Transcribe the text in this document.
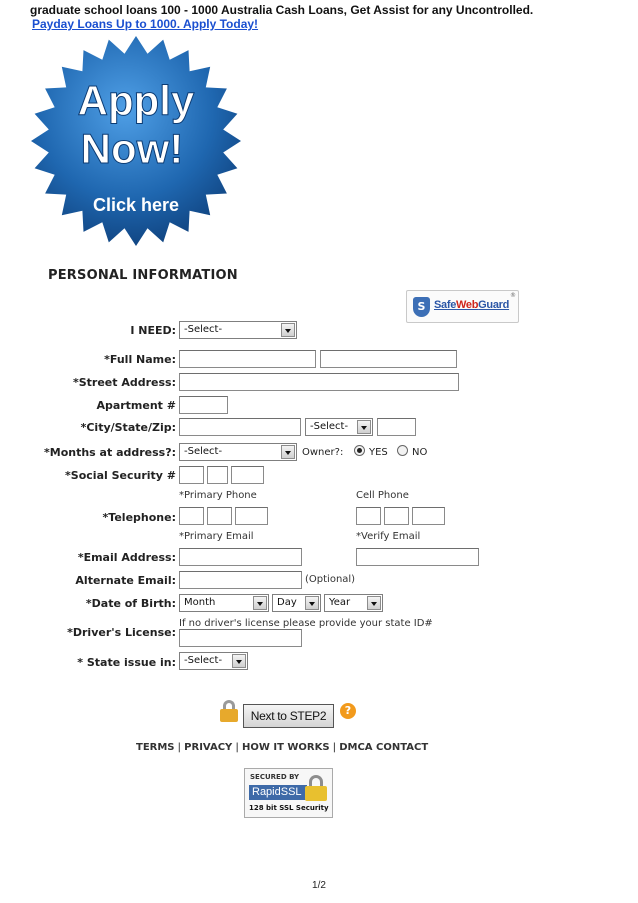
graduate school loans 100 - 1000 Australia Cash Loans, Get Assist for any Uncontrolled.
Payday Loans Up to 1000. Apply Today!
Apply
Now!
Click here
PERSONAL INFORMATION
S SafeWebGuard
®
I NEED: -Select-
*Full Name:
*Street Address:
Apartment #
*City/State/Zip:	-Select-
*Months at address?: -Select-	Owner?:	YES NO
*Social Security #
*Primary Phone	Cell Phone
*Telephone:
*Primary Email	*Verify Email
*Email Address:
Alternate Email:	(Optional)
*Date of Birth: Month	Day	Year
If no driver's license please provide your state ID#
*Driver's License:
* State issue in: -Select-
Next to STEP2	?
TERMS | PRIVACY | HOW IT WORKS | DMCA CONTACT
SECURED BY
RapidSSL
128 bit SSL Security
1/2
